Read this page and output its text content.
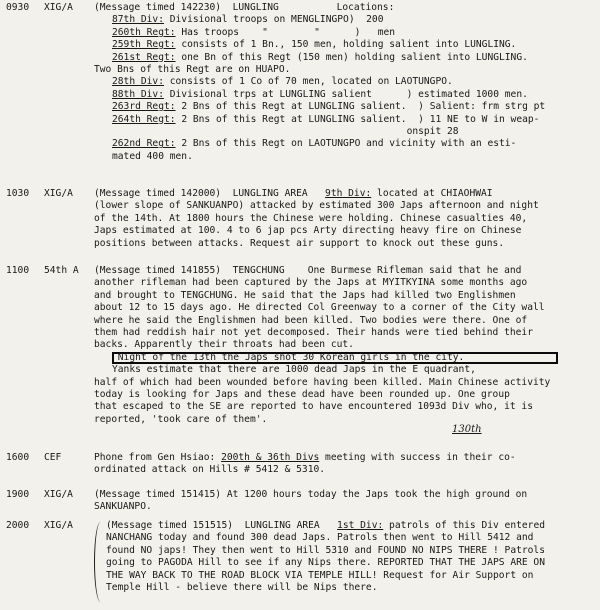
0930	XIG/A	(Message timed 142230)  LUNGLING          Locations:
87th Div: Divisional troops on MENGLINGPO)  200
260th Regt: Has troops    "        "      )   men
259th Regt: consists of 1 Bn., 150 men, holding salient into LUNGLING.
261st Regt: one Bn of this Regt (150 men) holding salient into LUNGLING.
Two Bns of this Regt are on HUAPO.
28th Div: consists of 1 Co of 70 men, located on LAOTUNGPO.
88th Div: Divisional trps at LUNGLING salient      ) estimated 1000 men.
263rd Regt: 2 Bns of this Regt at LUNGLING salient.  ) Salient: frm strg pt
264th Regt: 2 Bns of this Regt at LUNGLING salient.  ) 11 NE to W in weap-
onspit 28
262nd Regt: 2 Bns of this Regt on LAOTUNGPO and vicinity with an esti-
mated 400 men.
1030	XIG/A	(Message timed 142000)  LUNGLING AREA   9th Div: located at CHIAOHWAI
(lower slope of SANKUANPO) attacked by estimated 300 Japs afternoon and night
of the 14th. At 1800 hours the Chinese were holding. Chinese casualties 40,
Japs estimated at 100. 4 to 6 jap pcs Arty directing heavy fire on Chinese
positions between attacks. Request air support to knock out these guns.
1100	54th A	(Message timed 141855)  TENGCHUNG    One Burmese Rifleman said that he and
another rifleman had been captured by the Japs at MYITKYINA some months ago
and brought to TENGCHUNG. He said that the Japs had killed two Englishmen
about 12 to 15 days ago. He directed Col Greenway to a corner of the City wall
where he said the Englishmen had been killed. Two bodies were there. One of
them had reddish hair not yet decomposed. Their hands were tied behind their
backs. Apparently their throats had been cut.
Night of the 13th the Japs shot 30 Korean girls in the city.
Yanks estimate that there are 1000 dead Japs in the E quadrant,
half of which had been wounded before having been killed. Main Chinese activity
today is looking for Japs and these dead have been rounded up. One group
that escaped to the SE are reported to have encountered 1093d Div who, it is
reported, 'took care of them'.
130th
1600	CEF	Phone from Gen Hsiao: 200th & 36th Divs meeting with success in their co-
ordinated attack on Hills # 5412 & 5310.
1900	XIG/A	(Message timed 151415) At 1200 hours today the Japs took the high ground on
SANKUANPO.
2000	XIG/A	(Message timed 151515)  LUNGLING AREA   1st Div: patrols of this Div entered
NANCHANG today and found 300 dead Japs. Patrols then went to Hill 5412 and
found NO japs! They then went to Hill 5310 and FOUND NO NIPS THERE ! Patrols
going to PAGODA Hill to see if any Nips there. REPORTED THAT THE JAPS ARE ON
THE WAY BACK TO THE ROAD BLOCK VIA TEMPLE HILL! Request for Air Support on
Temple Hill - believe there will be Nips there.
